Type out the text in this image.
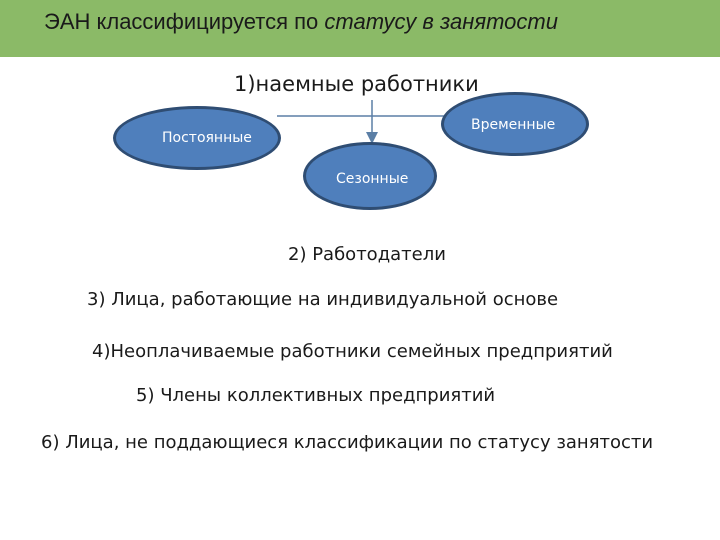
ЭАН классифицируется по статусу в занятости
1)наемные работники
Постоянные
Временные
Сезонные
2) Работодатели
3) Лица, работающие на индивидуальной основе
4)Неоплачиваемые работники семейных предприятий
5) Члены коллективных предприятий
6) Лица, не поддающиеся классификации по статусу занятости
